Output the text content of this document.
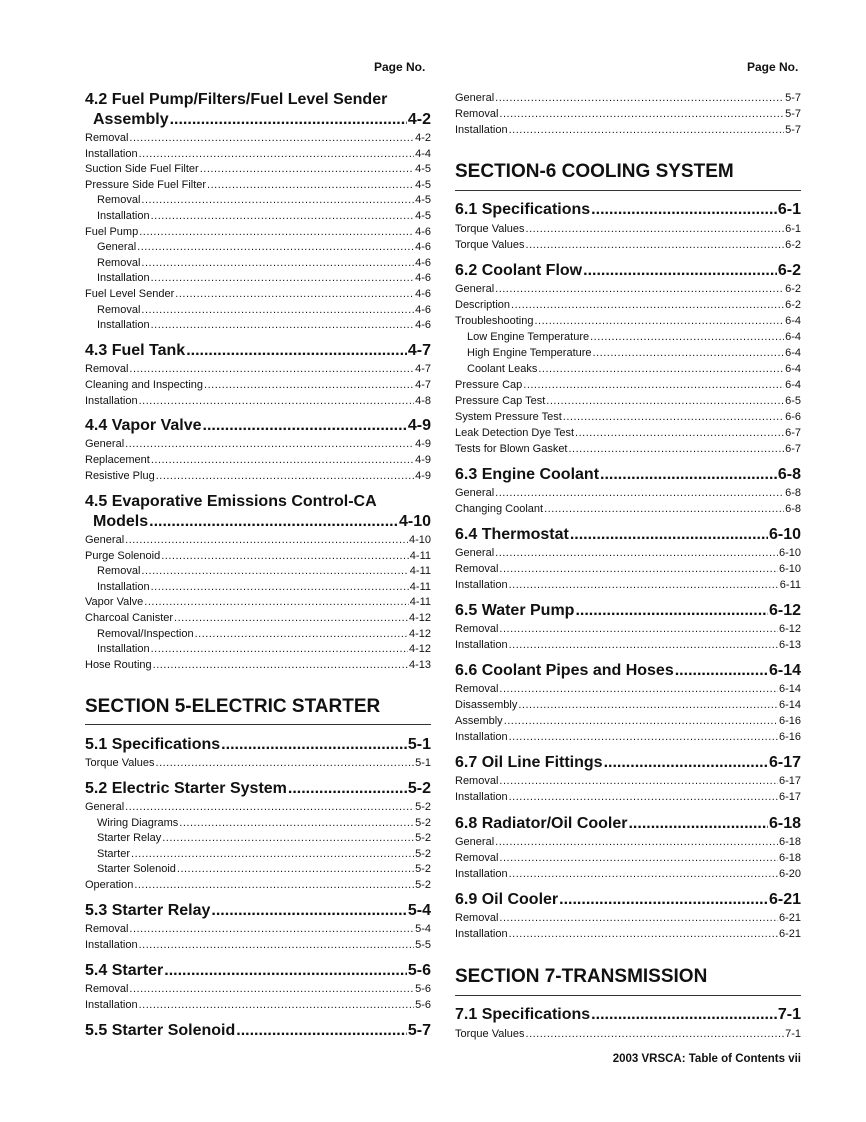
Page No.	Page No.
4.2 Fuel Pump/Filters/Fuel Level Sender
Assembly .....	4-2
Removal .....	4-2
Installation .....	4-4
Suction Side Fuel Filter .....	4-5
Pressure Side Fuel Filter .....	4-5
Removal .....	4-5
Installation .....	4-5
Fuel Pump .....	4-6
General .....	4-6
Removal .....	4-6
Installation .....	4-6
Fuel Level Sender .....	4-6
Removal .....	4-6
Installation .....	4-6
4.3 Fuel Tank .....	4-7
Removal .....	4-7
Cleaning and Inspecting .....	4-7
Installation .....	4-8
4.4 Vapor Valve .....	4-9
General .....	4-9
Replacement .....	4-9
Resistive Plug .....	4-9
4.5 Evaporative Emissions Control-CA
Models .....	4-10
General .....	4-10
Purge Solenoid .....	4-11
Removal .....	4-11
Installation .....	4-11
Vapor Valve .....	4-11
Charcoal Canister .....	4-12
Removal/Inspection .....	4-12
Installation .....	4-12
Hose Routing .....	4-13
SECTION 5-ELECTRIC STARTER
5.1 Specifications .....	5-1
Torque Values .....	5-1
5.2 Electric Starter System .....	5-2
General .....	5-2
Wiring Diagrams .....	5-2
Starter Relay .....	5-2
Starter .....	5-2
Starter Solenoid .....	5-2
Operation .....	5-2
5.3 Starter Relay .....	5-4
Removal .....	5-4
Installation .....	5-5
5.4 Starter .....	5-6
Removal .....	5-6
Installation .....	5-6
5.5 Starter Solenoid .....	5-7
General .....	5-7
Removal .....	5-7
Installation .....	5-7
SECTION-6 COOLING SYSTEM
6.1 Specifications .....	6-1
Torque Values .....	6-1
Torque Values .....	6-2
6.2 Coolant Flow .....	6-2
General .....	6-2
Description .....	6-2
Troubleshooting .....	6-4
Low Engine Temperature .....	6-4
High Engine Temperature .....	6-4
Coolant Leaks .....	6-4
Pressure Cap .....	6-4
Pressure Cap Test .....	6-5
System Pressure Test .....	6-6
Leak Detection Dye Test .....	6-7
Tests for Blown Gasket .....	6-7
6.3 Engine Coolant .....	6-8
General .....	6-8
Changing Coolant .....	6-8
6.4 Thermostat .....	6-10
General .....	6-10
Removal .....	6-10
Installation .....	6-11
6.5 Water Pump .....	6-12
Removal .....	6-12
Installation .....	6-13
6.6 Coolant Pipes and Hoses .....	6-14
Removal .....	6-14
Disassembly .....	6-14
Assembly .....	6-16
Installation .....	6-16
6.7 Oil Line Fittings .....	6-17
Removal .....	6-17
Installation .....	6-17
6.8 Radiator/Oil Cooler .....	6-18
General .....	6-18
Removal .....	6-18
Installation .....	6-20
6.9 Oil Cooler .....	6-21
Removal .....	6-21
Installation .....	6-21
SECTION 7-TRANSMISSION
7.1 Specifications .....	7-1
Torque Values .....	7-1
2003 VRSCA: Table of Contents vii
